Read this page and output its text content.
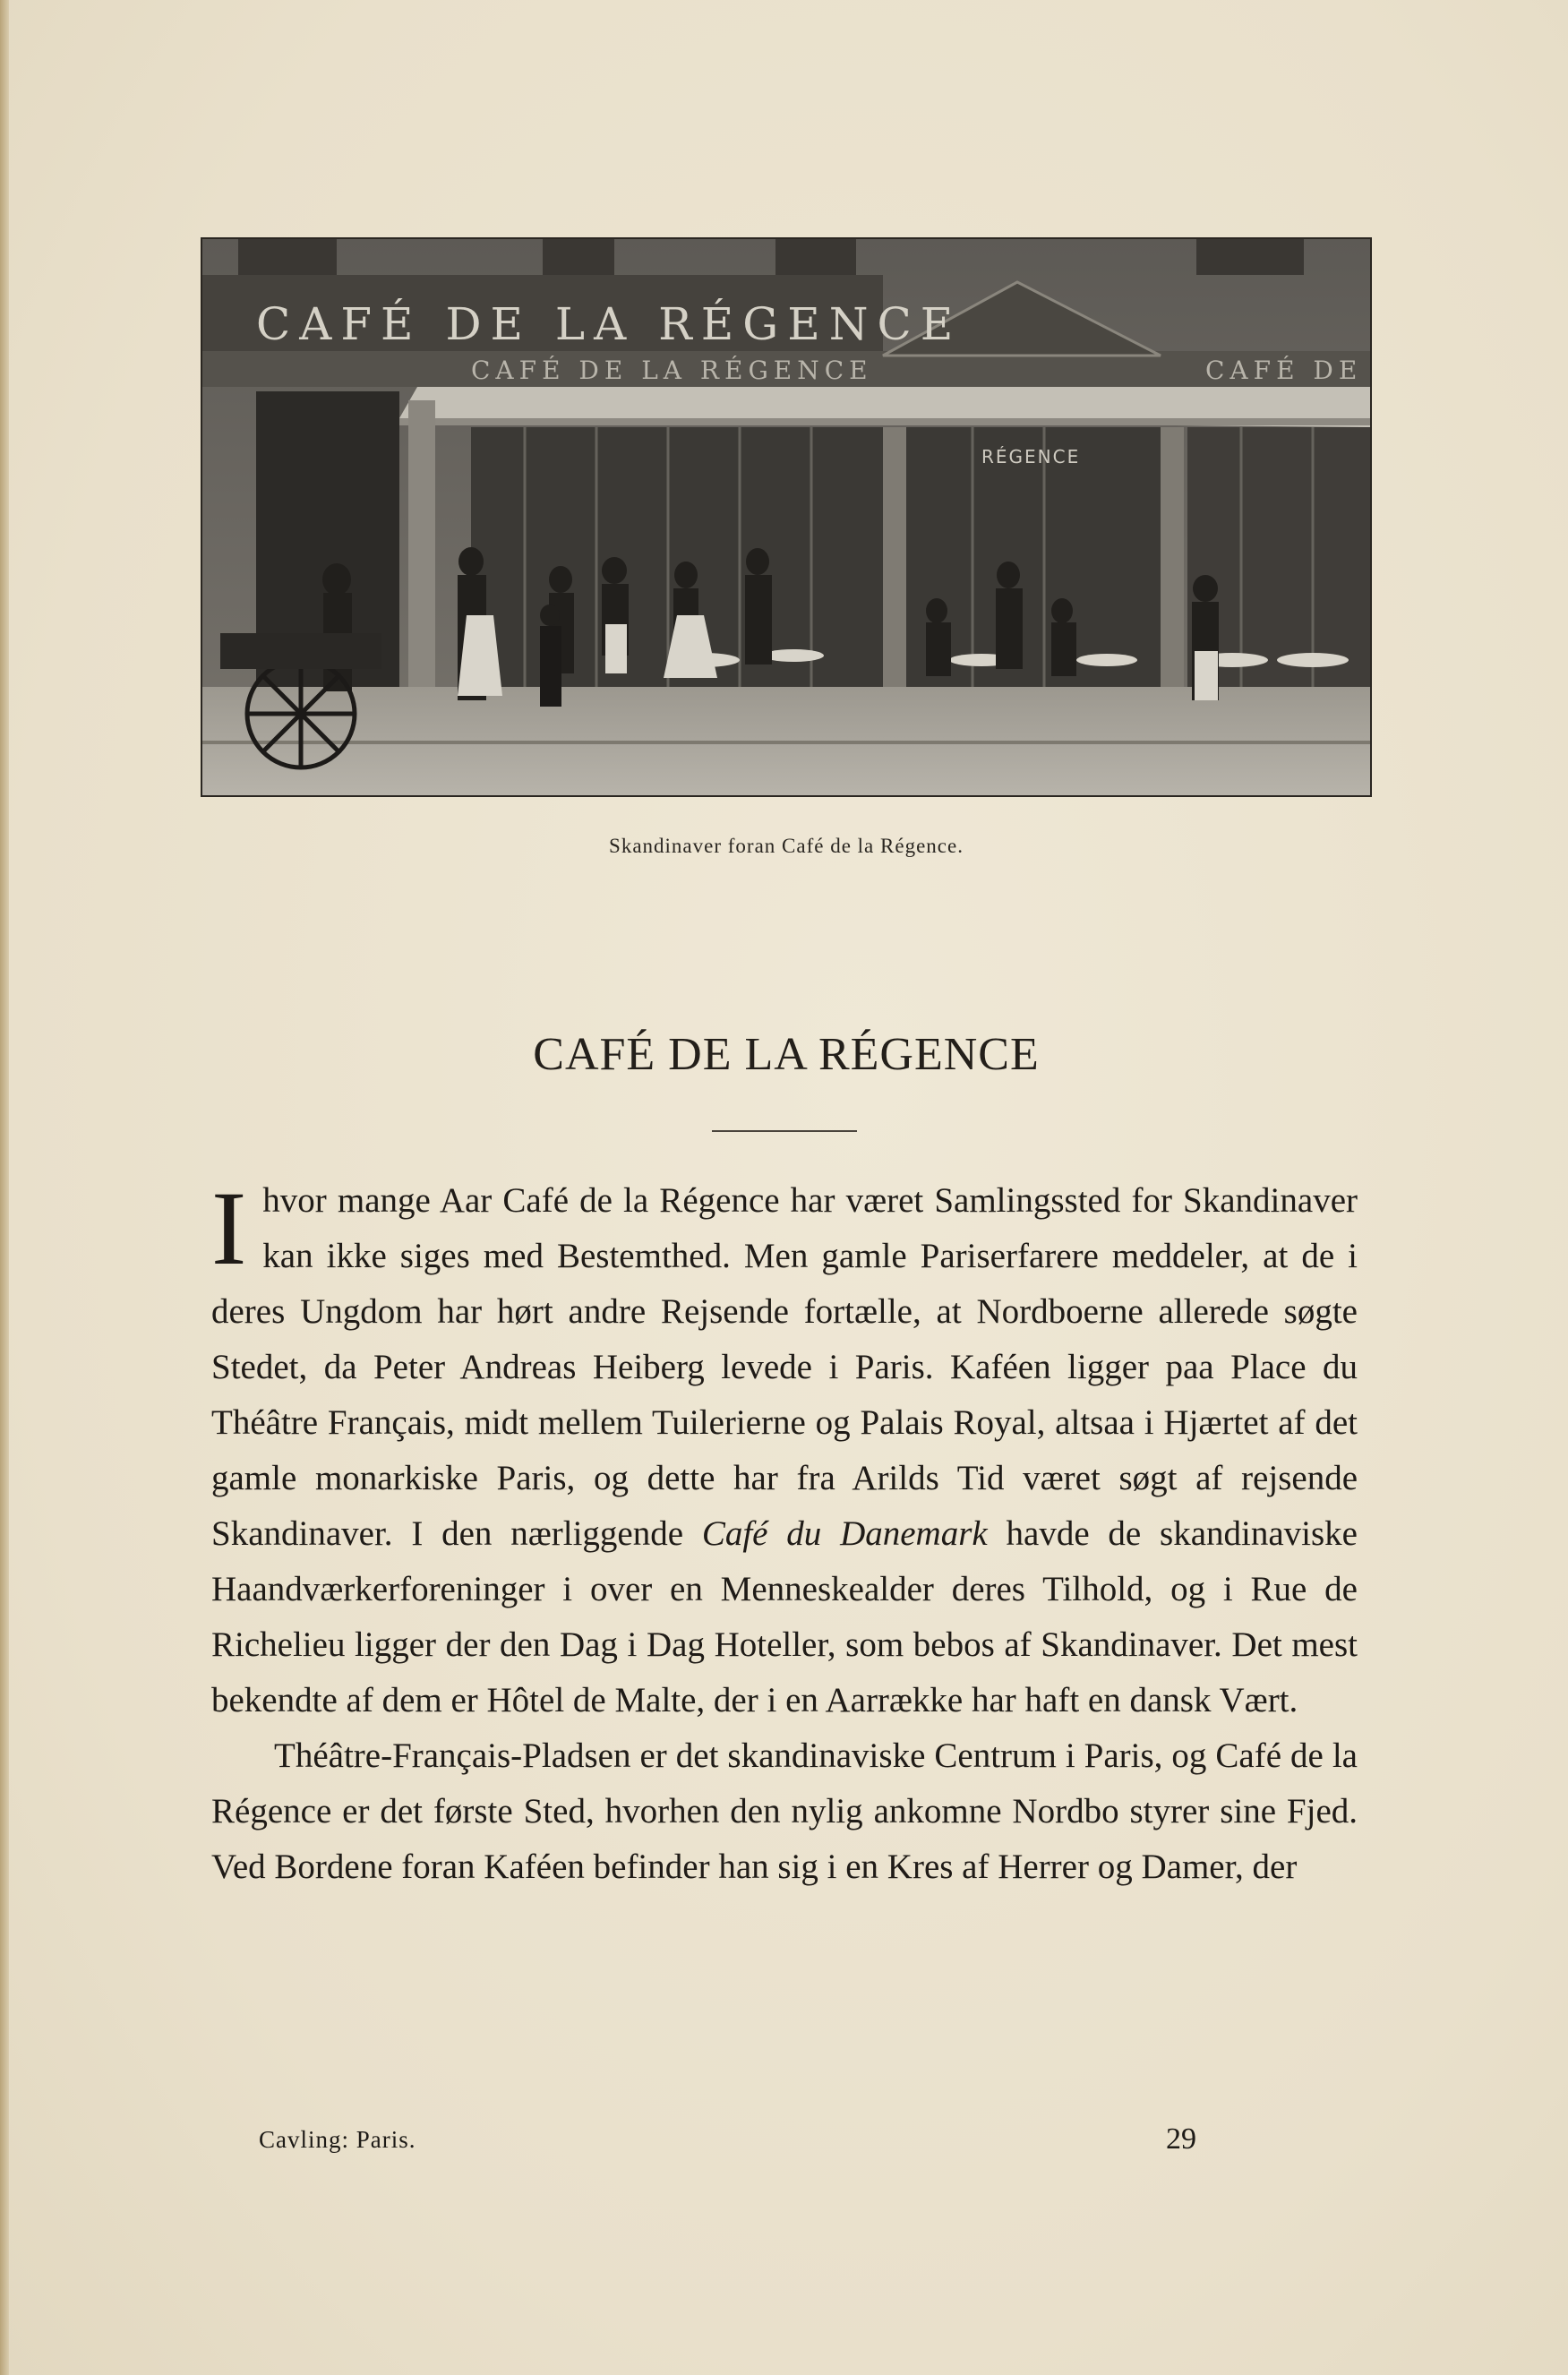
CAFÉ DE LA RÉGENCE
CAFÉ DE LA RÉGENCE
RÉGENCE
CAFÉ DE
Skandinaver foran Café de la Régence.
CAFÉ DE LA RÉGENCE

I hvor mange Aar Café de la Régence har været Samlingssted for Skandinaver kan ikke siges med Bestemthed. Men gamle Pariserfarere meddeler, at de i deres Ungdom har hørt andre Rejsende fortælle, at Nordboerne allerede søgte Stedet, da Peter Andreas Heiberg levede i Paris. Kaféen ligger paa Place du Théâtre Français, midt mellem Tuilerierne og Palais Royal, altsaa i Hjærtet af det gamle monarkiske Paris, og dette har fra Arilds Tid været søgt af rejsende Skandinaver. I den nærliggende Café du Danemark havde de skandinaviske Haandværkerforeninger i over en Menneskealder deres Tilhold, og i Rue de Richelieu ligger der den Dag i Dag Hoteller, som bebos af Skandinaver. Det mest bekendte af dem er Hôtel de Malte, der i en Aarrække har haft en dansk Vært.

Théâtre-Français-Pladsen er det skandinaviske Centrum i Paris, og Café de la Régence er det første Sted, hvorhen den nylig ankomne Nordbo styrer sine Fjed. Ved Bordene foran Kaféen befinder han sig i en Kres af Herrer og Damer, der

Cavling: Paris.	29
